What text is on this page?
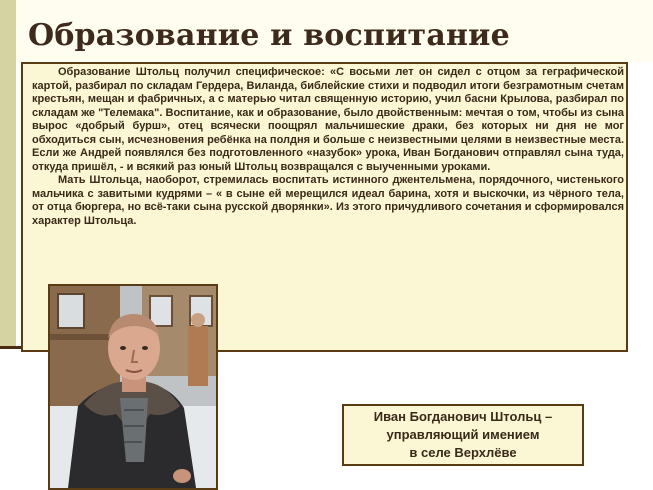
Образование и воспитание

Образование Штольц получил специфическое: «С восьми лет он сидел с отцом за геграфической картой, разбирал по складам Гердера, Виланда, библейские стихи и подводил итоги безграмотным счетам крестьян, мещан и фабричных, а с матерью читал священную историю, учил басни Крылова, разбирал по складам же "Телемака". Воспитание, как и образование, было двойственным: мечтая о том, чтобы из сына вырос «добрый бурш», отец всячески поощрял мальчишеские драки, без которых ни дня не мог обходиться сын, исчезновения ребёнка на полдня и больше с неизвестными целями в неизвестные места. Если же Андрей появлялся без подготовленного «назубок» урока, Иван Богданович отправлял сына туда, откуда пришёл, - и всякий раз юный Штольц возвращался с выученными уроками.

Мать Штольца, наоборот, стремилась воспитать истинного джентельмена, порядочного, чистенького мальчика с завитыми кудрями – « в сыне ей мерещился идеал барина, хотя и выскочки, из чёрного тела, от отца бюргера, но всё-таки сына русской дворянки». Из этого причудливого сочетания и сформировался характер Штольца.

Иван Богданович Штольц –
управляющий имением
в селе Верхлёве
